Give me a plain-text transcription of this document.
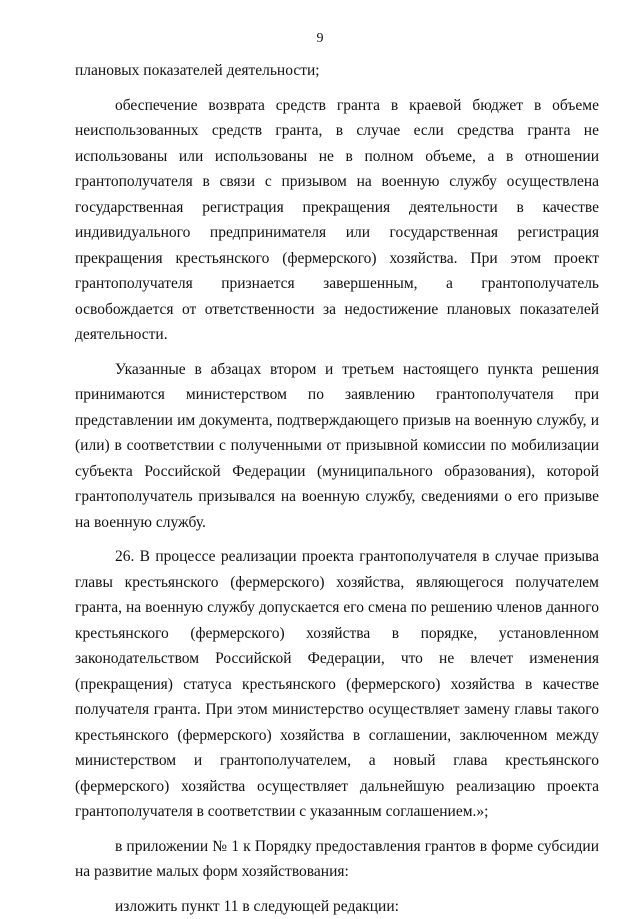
9

плановых показателей деятельности;

обеспечение возврата средств гранта в краевой бюджет в объеме неиспользованных средств гранта, в случае если средства гранта не использованы или использованы не в полном объеме, а в отношении грантополучателя в связи с призывом на военную службу осуществлена государственная регистрация прекращения деятельности в качестве индивидуального предпринимателя или государственная регистрация прекращения крестьянского (фермерского) хозяйства. При этом проект грантополучателя признается завершенным, а грантополучатель освобождается от ответственности за недостижение плановых показателей деятельности.

Указанные в абзацах втором и третьем настоящего пункта решения принимаются министерством по заявлению грантополучателя при представлении им документа, подтверждающего призыв на военную службу, и (или) в соответствии с полученными от призывной комиссии по мобилизации субъекта Российской Федерации (муниципального образования), которой грантополучатель призывался на военную службу, сведениями о его призыве на военную службу.

26. В процессе реализации проекта грантополучателя в случае призыва главы крестьянского (фермерского) хозяйства, являющегося получателем гранта, на военную службу допускается его смена по решению членов данного крестьянского (фермерского) хозяйства в порядке, установленном законодательством Российской Федерации, что не влечет изменения (прекращения) статуса крестьянского (фермерского) хозяйства в качестве получателя гранта. При этом министерство осуществляет замену главы такого крестьянского (фермерского) хозяйства в соглашении, заключенном между министерством и грантополучателем, а новый глава крестьянского (фермерского) хозяйства осуществляет дальнейшую реализацию проекта грантополучателя в соответствии с указанным соглашением.»;

в приложении № 1 к Порядку предоставления грантов в форме субсидии на развитие малых форм хозяйствования:

изложить пункт 11 в следующей редакции:
